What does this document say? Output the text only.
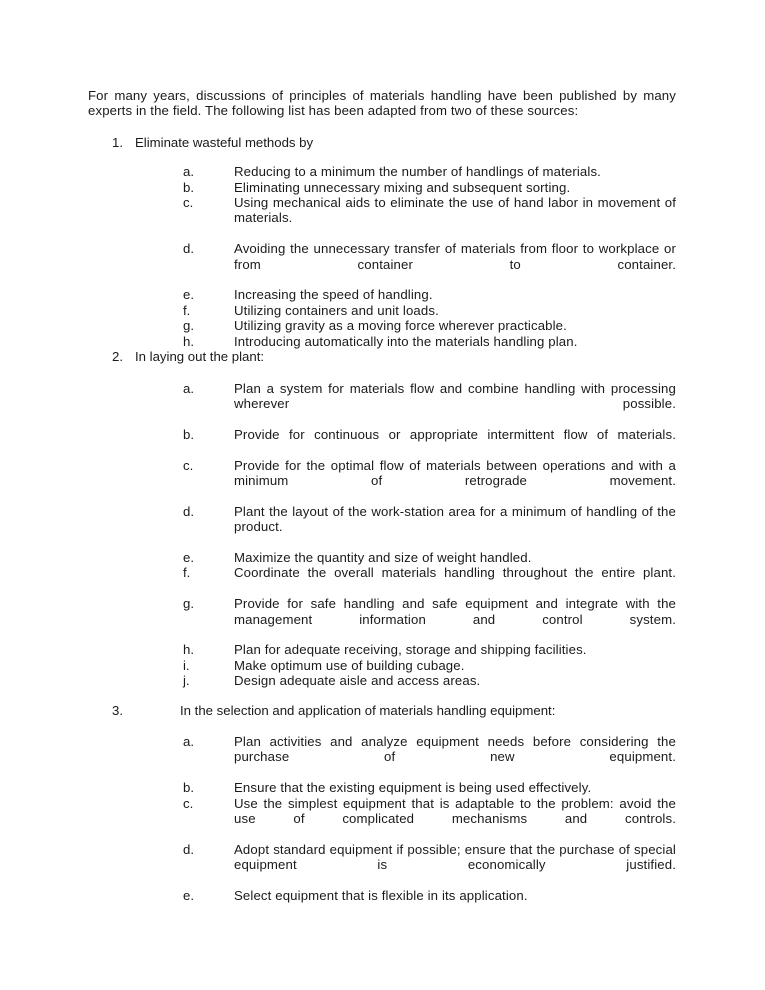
For many years, discussions of principles of materials handling have been published by many experts in the field. The following list has been adapted from two of these sources:

1. Eliminate wasteful methods by
a.	Reducing to a minimum the number of handlings of materials.
b.	Eliminating unnecessary mixing and subsequent sorting.
c.	Using mechanical aids to eliminate the use of hand labor in movement of materials.
d.	Avoiding the unnecessary transfer of materials from floor to workplace or from container to container.
e.	Increasing the speed of handling.
f.	Utilizing containers and unit loads.
g.	Utilizing gravity as a moving force wherever practicable.
h.	Introducing automatically into the materials handling plan.
2. In laying out the plant:
a.	Plan a system for materials flow and combine handling with processing wherever possible.
b.	Provide for continuous or appropriate intermittent flow of materials.
c.	Provide for the optimal flow of materials between operations and with a minimum of retrograde movement.
d.	Plant the layout of the work-station area for a minimum of handling of the product.
e.	Maximize the quantity and size of weight handled.
f.	Coordinate the overall materials handling throughout the entire plant.
g.	Provide for safe handling and safe equipment and integrate with the management information and control system.
h.	Plan for adequate receiving, storage and shipping facilities.
i.	Make optimum use of building cubage.
j.	Design adequate aisle and access areas.
3.	In the selection and application of materials handling equipment:
a.	Plan activities and analyze equipment needs before considering the purchase of new equipment.
b.	Ensure that the existing equipment is being used effectively.
c.	Use the simplest equipment that is adaptable to the problem: avoid the use of complicated mechanisms and controls.
d.	Adopt standard equipment if possible; ensure that the purchase of special equipment is economically justified.
e.	Select equipment that is flexible in its application.
